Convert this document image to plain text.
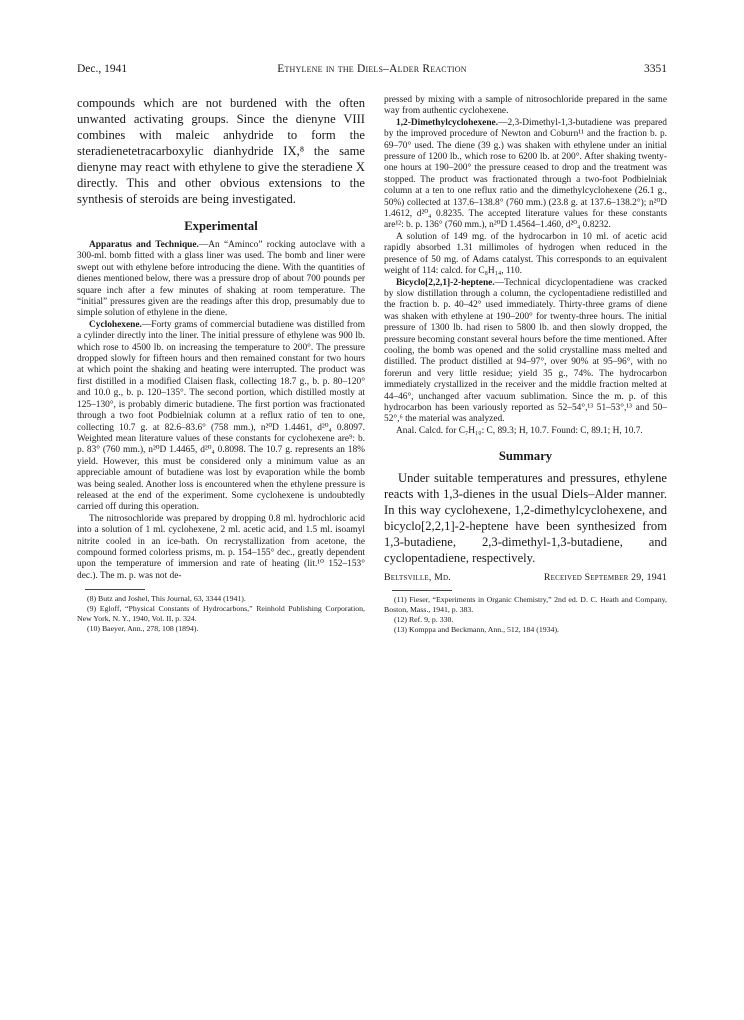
Dec., 1941	Ethylene in the Diels–Alder Reaction	3351

compounds which are not burdened with the often unwanted activating groups. Since the dienyne VIII combines with maleic anhydride to form the steradienetetracarboxylic dianhydride IX,⁸ the same dienyne may react with ethylene to give the steradiene X directly. This and other obvious extensions to the synthesis of steroids are being investigated.

Experimental

Apparatus and Technique.—An “Aminco” rocking autoclave with a 300-ml. bomb fitted with a glass liner was used. The bomb and liner were swept out with ethylene before introducing the diene. With the quantities of dienes mentioned below, there was a pressure drop of about 700 pounds per square inch after a few minutes of shaking at room temperature. The “initial” pressures given are the readings after this drop, presumably due to simple solution of ethylene in the diene.

Cyclohexene.—Forty grams of commercial butadiene was distilled from a cylinder directly into the liner. The initial pressure of ethylene was 900 lb. which rose to 4500 lb. on increasing the temperature to 200°. The pressure dropped slowly for fifteen hours and then remained constant for two hours at which point the shaking and heating were interrupted. The product was first distilled in a modified Claisen flask, collecting 18.7 g., b. p. 80–120° and 10.0 g., b. p. 120–135°. The second portion, which distilled mostly at 125–130°, is probably dimeric butadiene. The first portion was fractionated through a two foot Podbielniak column at a reflux ratio of ten to one, collecting 10.7 g. at 82.6–83.6° (758 mm.), n²⁰D 1.4461, d²⁰₄ 0.8097. Weighted mean literature values of these constants for cyclohexene are⁹: b. p. 83° (760 mm.), n²⁰D 1.4465, d²⁰₄ 0.8098. The 10.7 g. represents an 18% yield. However, this must be considered only a minimum value as an appreciable amount of butadiene was lost by evaporation while the bomb was being sealed. Another loss is encountered when the ethylene pressure is released at the end of the experiment. Some cyclohexene is undoubtedly carried off during this operation.

The nitrosochloride was prepared by dropping 0.8 ml. hydrochloric acid into a solution of 1 ml. cyclohexene, 2 ml. acetic acid, and 1.5 ml. isoamyl nitrite cooled in an ice-bath. On recrystallization from acetone, the compound formed colorless prisms, m. p. 154–155° dec., greatly dependent upon the temperature of immersion and rate of heating (lit.¹⁰ 152–153° dec.). The m. p. was not de-

(8) Butz and Joshel, This Journal, 63, 3344 (1941).

(9) Egloff, “Physical Constants of Hydrocarbons,” Reinhold Publishing Corporation, New York, N. Y., 1940, Vol. II, p. 324.

(10) Baeyer, Ann., 278, 108 (1894).

pressed by mixing with a sample of nitrosochloride prepared in the same way from authentic cyclohexene.

1,2-Dimethylcyclohexene.—2,3-Dimethyl-1,3-butadiene was prepared by the improved procedure of Newton and Coburn¹¹ and the fraction b. p. 69–70° used. The diene (39 g.) was shaken with ethylene under an initial pressure of 1200 lb., which rose to 6200 lb. at 200°. After shaking twenty-one hours at 190–200° the pressure ceased to drop and the treatment was stopped. The product was fractionated through a two-foot Podbielniak column at a ten to one reflux ratio and the dimethylcyclohexene (26.1 g., 50%) collected at 137.6–138.8° (760 mm.) (23.8 g. at 137.6–138.2°); n²⁰D 1.4612, d²⁰₄ 0.8235. The accepted literature values for these constants are¹²: b. p. 136° (760 mm.), n²⁰D 1.4564–1.460, d²⁰₄ 0.8232.

A solution of 149 mg. of the hydrocarbon in 10 ml. of acetic acid rapidly absorbed 1.31 millimoles of hydrogen when reduced in the presence of 50 mg. of Adams catalyst. This corresponds to an equivalent weight of 114: calcd. for C₈H₁₄, 110.

Bicyclo[2,2,1]-2-heptene.—Technical dicyclopentadiene was cracked by slow distillation through a column, the cyclopentadiene redistilled and the fraction b. p. 40–42° used immediately. Thirty-three grams of diene was shaken with ethylene at 190–200° for twenty-three hours. The initial pressure of 1300 lb. had risen to 5800 lb. and then slowly dropped, the pressure becoming constant several hours before the time mentioned. After cooling, the bomb was opened and the solid crystalline mass melted and distilled. The product distilled at 94–97°, over 90% at 95–96°, with no forerun and very little residue; yield 35 g., 74%. The hydrocarbon immediately crystallized in the receiver and the middle fraction melted at 44–46°, unchanged after vacuum sublimation. Since the m. p. of this hydrocarbon has been variously reported as 52–54°,¹³ 51–53°,¹³ and 50–52°,⁶ the material was analyzed.

Anal. Calcd. for C₇H₁₀: C, 89.3; H, 10.7. Found: C, 89.1; H, 10.7.

Summary

Under suitable temperatures and pressures, ethylene reacts with 1,3-dienes in the usual Diels–Alder manner. In this way cyclohexene, 1,2-dimethylcyclohexene, and bicyclo[2,2,1]-2-heptene have been synthesized from 1,3-butadiene, 2,3-dimethyl-1,3-butadiene, and cyclopentadiene, respectively.

Beltsville, Md.	Received September 29, 1941

(11) Fieser, “Experiments in Organic Chemistry,” 2nd ed. D. C. Heath and Company, Boston, Mass., 1941, p. 383.

(12) Ref. 9, p. 330.

(13) Komppa and Beckmann, Ann., 512, 184 (1934).
